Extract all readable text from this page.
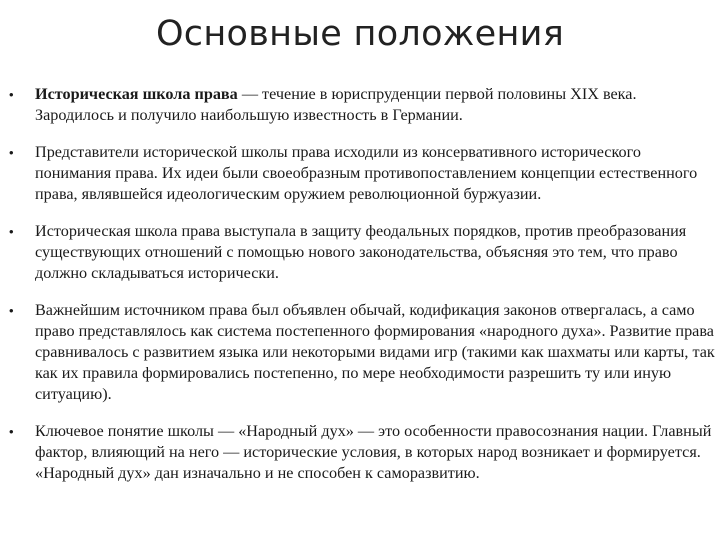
Основные положения
• Историческая школа права — течение в юриспруденции первой половины XIX века. Зародилось и получило наибольшую известность в Германии.
• Представители исторической школы права исходили из консервативного исторического понимания права. Их идеи были своеобразным противопоставлением концепции естественного права, являвшейся идеологическим оружием революционной буржуазии.
• Историческая школа права выступала в защиту феодальных порядков, против преобразования существующих отношений с помощью нового законодательства, объясняя это тем, что право должно складываться исторически.
• Важнейшим источником права был объявлен обычай, кодификация законов отвергалась, а само право представлялось как система постепенного формирования «народного духа». Развитие права сравнивалось с развитием языка или некоторыми видами игр (такими как шахматы или карты, так как их правила формировались постепенно, по мере необходимости разрешить ту или иную ситуацию).
• Ключевое понятие школы — «Народный дух» — это особенности правосознания нации. Главный фактор, влияющий на него — исторические условия, в которых народ возникает и формируется. «Народный дух» дан изначально и не способен к саморазвитию.
